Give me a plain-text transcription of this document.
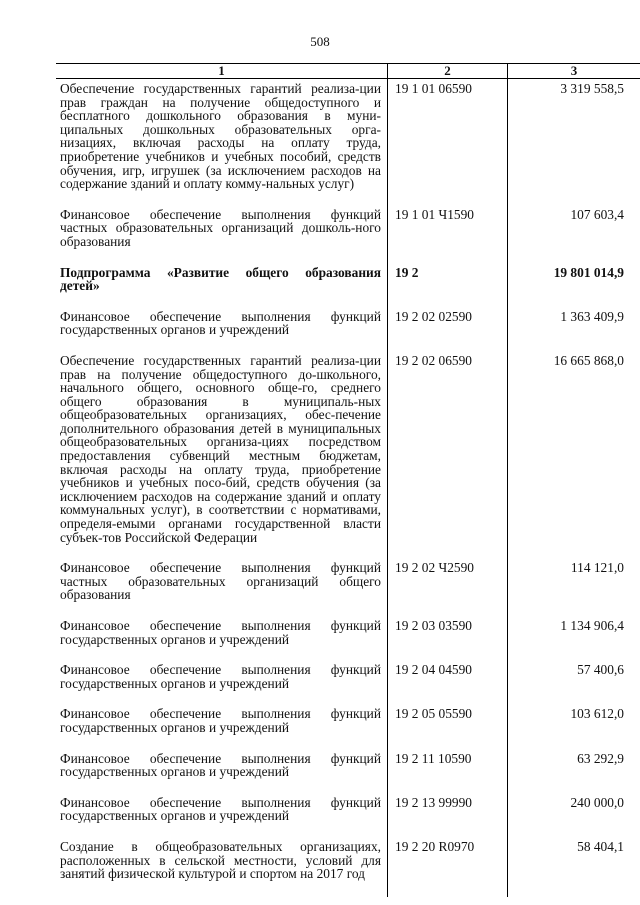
508
1	2	3
Обеспечение государственных гарантий реализа-ции прав граждан на получение общедоступного и бесплатного дошкольного образования в муни-ципальных дошкольных образовательных орга-низациях, включая расходы на оплату труда, приобретение учебников и учебных пособий, средств обучения, игр, игрушек (за исключением расходов на содержание зданий и оплату комму-нальных услуг)
19 1 01 06590	3 319 558,5
Финансовое обеспечение выполнения функций частных образовательных организаций дошколь-ного образования
19 1 01 Ч1590	107 603,4
Подпрограмма «Развитие общего образования детей»
19 2	19 801 014,9
Финансовое обеспечение выполнения функций государственных органов и учреждений
19 2 02 02590	1 363 409,9
Обеспечение государственных гарантий реализа-ции прав на получение общедоступного до-школьного, начального общего, основного обще-го, среднего общего образования в муниципаль-ных общеобразовательных организациях, обес-печение дополнительного образования детей в муниципальных общеобразовательных организа-циях посредством предоставления субвенций местным бюджетам, включая расходы на оплату труда, приобретение учебников и учебных посо-бий, средств обучения (за исключением расходов на содержание зданий и оплату коммунальных услуг), в соответствии с нормативами, определя-емыми органами государственной власти субъек-тов Российской Федерации
19 2 02 06590	16 665 868,0
Финансовое обеспечение выполнения функций частных образовательных организаций общего образования
19 2 02 Ч2590	114 121,0
Финансовое обеспечение выполнения функций государственных органов и учреждений
19 2 03 03590	1 134 906,4
Финансовое обеспечение выполнения функций государственных органов и учреждений
19 2 04 04590	57 400,6
Финансовое обеспечение выполнения функций государственных органов и учреждений
19 2 05 05590	103 612,0
Финансовое обеспечение выполнения функций государственных органов и учреждений
19 2 11 10590	63 292,9
Финансовое обеспечение выполнения функций государственных органов и учреждений
19 2 13 99990	240 000,0
Создание в общеобразовательных организациях, расположенных в сельской местности, условий для занятий физической культурой и спортом на 2017 год
19 2 20 R0970	58 404,1
